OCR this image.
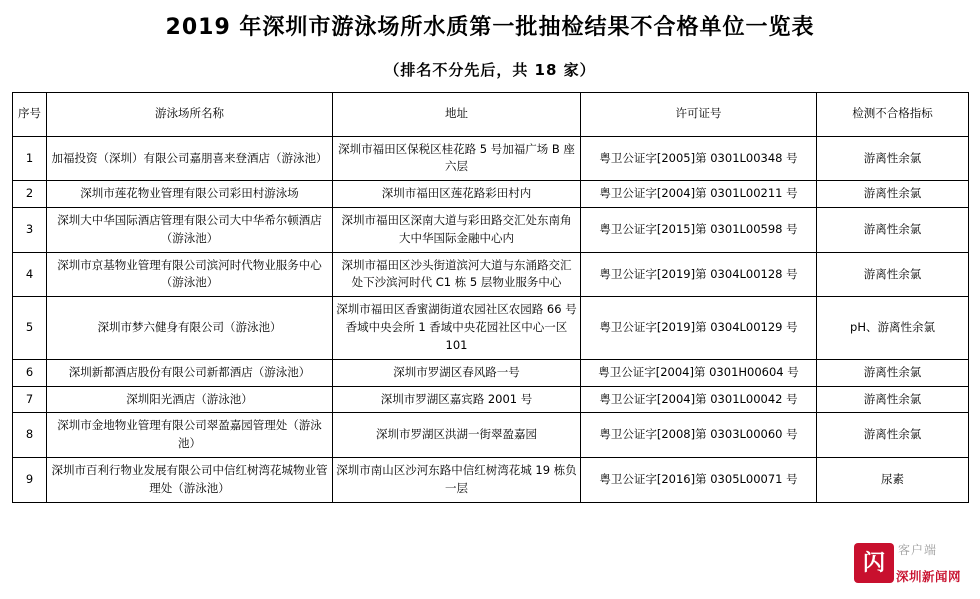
2019 年深圳市游泳场所水质第一批抽检结果不合格单位一览表
（排名不分先后，共 18 家）
序号	游泳场所名称	地址	许可证号	检测不合格指标
1	加福投资（深圳）有限公司嘉朋喜来登酒店（游泳池）	深圳市福田区保税区桂花路 5 号加福广场 B 座六层	粤卫公证字[2005]第 0301L00348 号	游离性余氯
2	深圳市莲花物业管理有限公司彩田村游泳场	深圳市福田区莲花路彩田村内	粤卫公证字[2004]第 0301L00211 号	游离性余氯
3	深圳大中华国际酒店管理有限公司大中华希尔顿酒店（游泳池）	深圳市福田区深南大道与彩田路交汇处东南角大中华国际金融中心内	粤卫公证字[2015]第 0301L00598 号	游离性余氯
4	深圳市京基物业管理有限公司滨河时代物业服务中心（游泳池）	深圳市福田区沙头街道滨河大道与东涌路交汇处下沙滨河时代 C1 栋 5 层物业服务中心	粤卫公证字[2019]第 0304L00128 号	游离性余氯
5	深圳市梦六健身有限公司（游泳池）	深圳市福田区香蜜湖街道农园社区农园路 66 号香域中央会所 1 香域中央花园社区中心一区 101	粤卫公证字[2019]第 0304L00129 号	pH、游离性余氯
6	深圳新都酒店股份有限公司新都酒店（游泳池）	深圳市罗湖区春风路一号	粤卫公证字[2004]第 0301H00604 号	游离性余氯
7	深圳阳光酒店（游泳池）	深圳市罗湖区嘉宾路 2001 号	粤卫公证字[2004]第 0301L00042 号	游离性余氯
8	深圳市金地物业管理有限公司翠盈嘉园管理处（游泳池）	深圳市罗湖区洪湖一街翠盈嘉园	粤卫公证字[2008]第 0303L00060 号	游离性余氯
9	深圳市百利行物业发展有限公司中信红树湾花城物业管理处（游泳池）	深圳市南山区沙河东路中信红树湾花城 19 栋负一层	粤卫公证字[2016]第 0305L00071 号	尿素
闪	客户端
深圳新闻网
